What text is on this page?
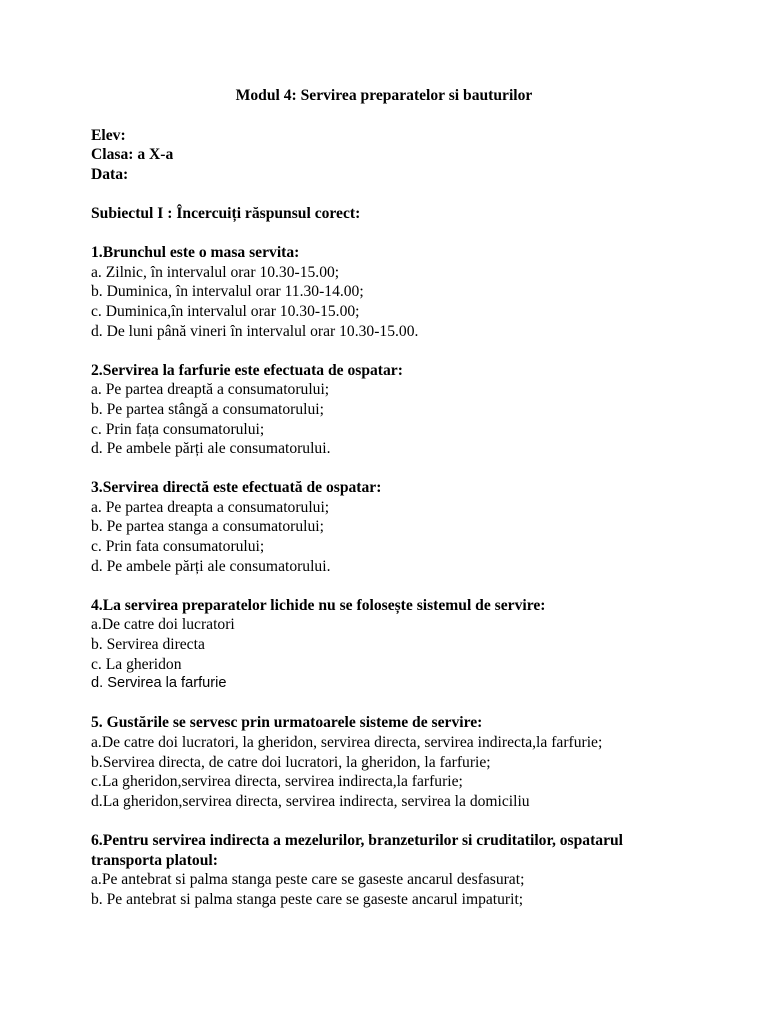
Modul 4: Servirea preparatelor si bauturilor
Elev:
Clasa: a X-a
Data:
Subiectul I : Încercuiți răspunsul corect:
1.Brunchul este o masa servita:
a. Zilnic, în intervalul orar 10.30-15.00;
b. Duminica, în intervalul orar 11.30-14.00;
c. Duminica,în intervalul orar 10.30-15.00;
d. De luni până vineri în intervalul orar 10.30-15.00.
2.Servirea la farfurie este efectuata de ospatar:
a. Pe partea dreaptă a consumatorului;
b. Pe partea stângă a consumatorului;
c. Prin fața consumatorului;
d. Pe ambele părți ale consumatorului.
3.Servirea directă este efectuată de ospatar:
a. Pe partea dreapta a consumatorului;
b. Pe partea stanga a consumatorului;
c. Prin fata consumatorului;
d. Pe ambele părți ale consumatorului.
4.La servirea preparatelor lichide nu se folosește sistemul de servire:
a.De catre doi lucratori
b. Servirea directa
c. La gheridon
d. Servirea la farfurie
5. Gustările se servesc prin urmatoarele sisteme de servire:
a.De catre doi lucratori, la gheridon, servirea directa, servirea indirecta,la farfurie;
b.Servirea directa, de catre doi lucratori, la gheridon, la farfurie;
c.La gheridon,servirea directa, servirea indirecta,la farfurie;
d.La gheridon,servirea directa, servirea indirecta, servirea la domiciliu
6.Pentru servirea indirecta a mezelurilor, branzeturilor si cruditatilor, ospatarul transporta platoul:
a.Pe antebrat si palma stanga peste care se gaseste ancarul desfasurat;
b. Pe antebrat si palma stanga peste care se gaseste ancarul impaturit;
